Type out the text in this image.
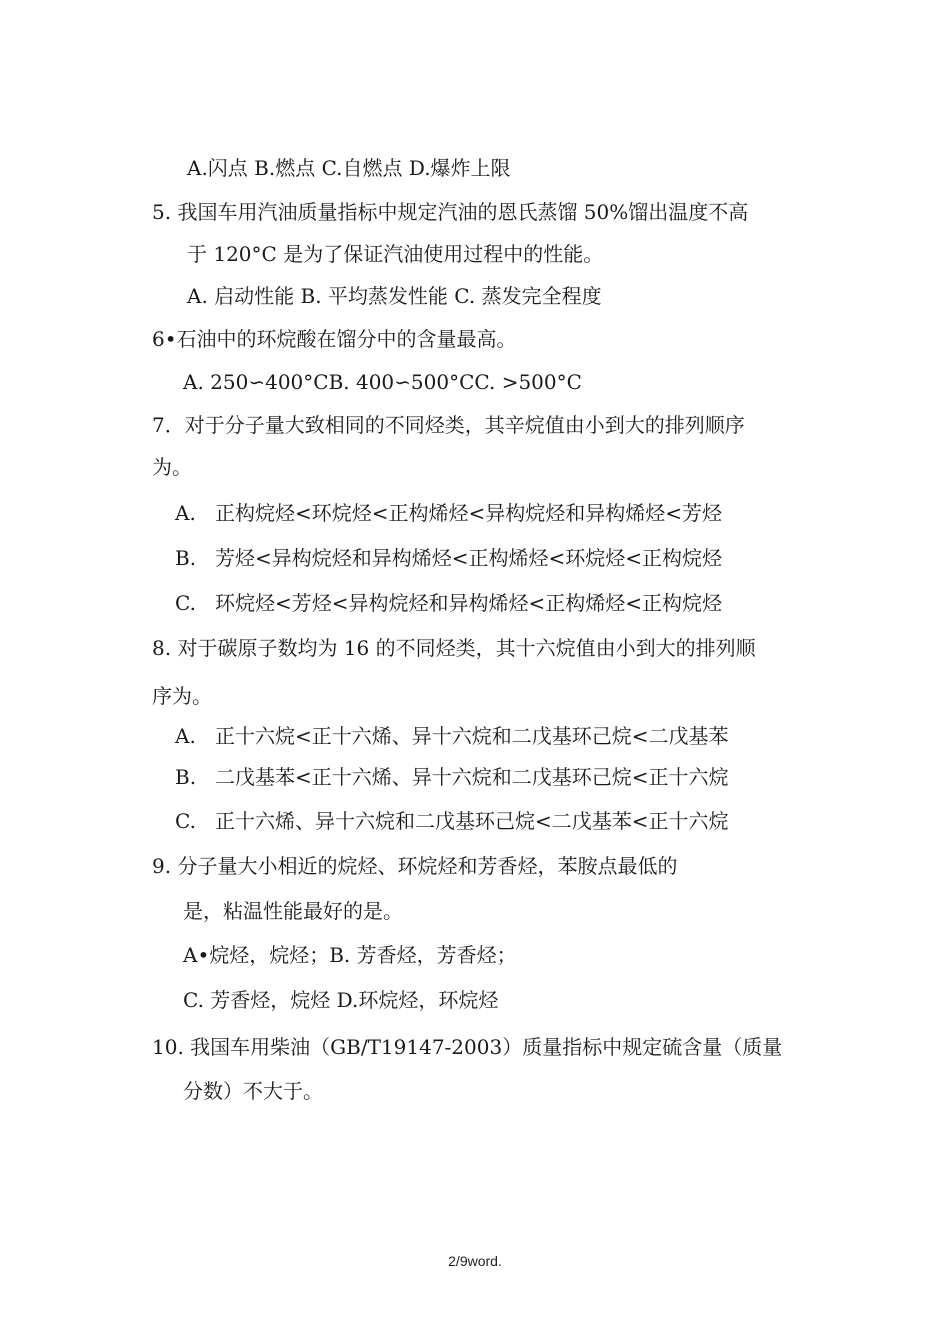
A.闪点 B.燃点 C.自燃点 D.爆炸上限
5. 我国车用汽油质量指标中规定汽油的恩氏蒸馏 50%馏出温度不高
于 120°C 是为了保证汽油使用过程中的性能。
A. 启动性能 B. 平均蒸发性能 C. 蒸发完全程度
6•石油中的环烷酸在馏分中的含量最高。
A. 250∽400°CB. 400∽500°CC. >500°C
7．对于分子量大致相同的不同烃类，其辛烷值由小到大的排列顺序
为。
A. 正构烷烃<环烷烃<正构烯烃<异构烷烃和异构烯烃<芳烃
B. 芳烃<异构烷烃和异构烯烃<正构烯烃<环烷烃<正构烷烃
C. 环烷烃<芳烃<异构烷烃和异构烯烃<正构烯烃<正构烷烃
8. 对于碳原子数均为 16 的不同烃类，其十六烷值由小到大的排列顺
序为。
A. 正十六烷<正十六烯、异十六烷和二戊基环己烷<二戊基苯
B. 二戊基苯<正十六烯、异十六烷和二戊基环己烷<正十六烷
C. 正十六烯、异十六烷和二戊基环己烷<二戊基苯<正十六烷
9. 分子量大小相近的烷烃、环烷烃和芳香烃，苯胺点最低的
是，粘温性能最好的是。
A•烷烃，烷烃；B. 芳香烃，芳香烃；
C. 芳香烃，烷烃 D.环烷烃，环烷烃
10. 我国车用柴油（GB/T19147-2003）质量指标中规定硫含量（质量
分数）不大于。
2/9word.
